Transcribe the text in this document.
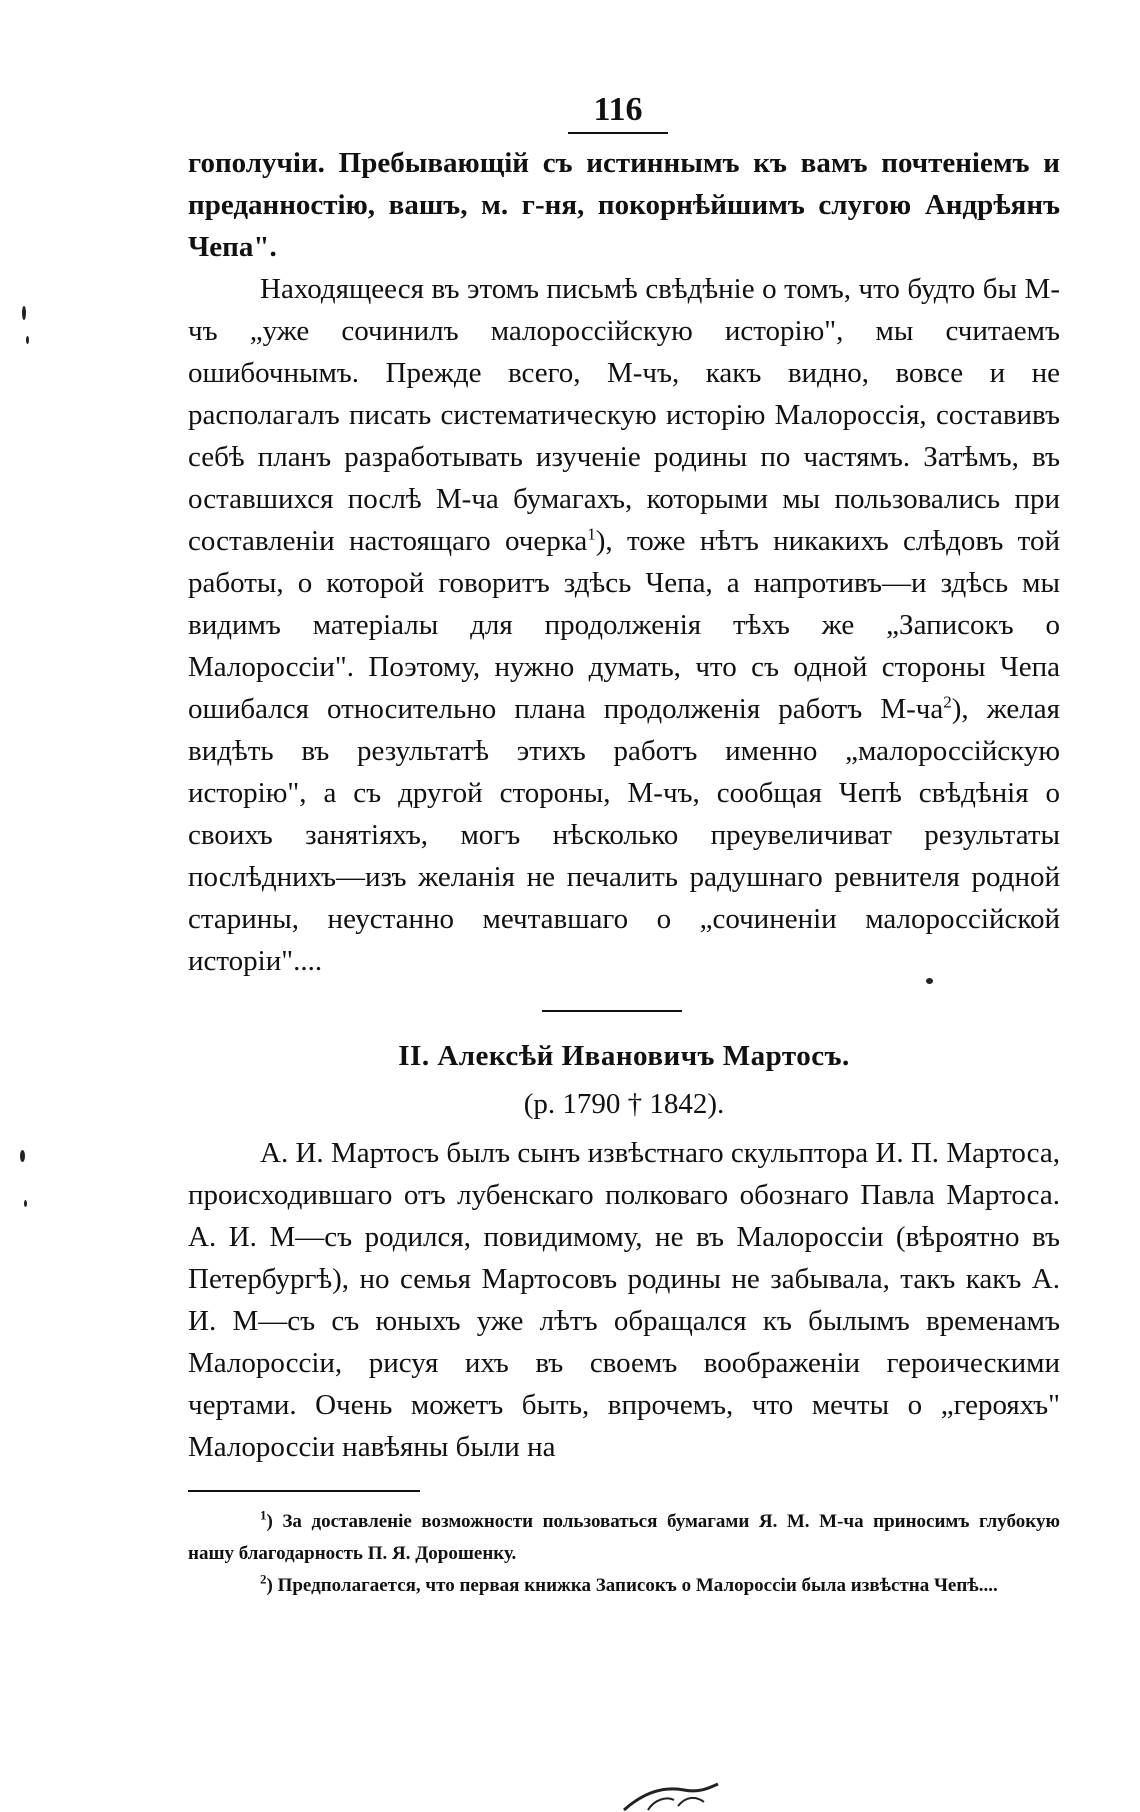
116

гополучіи. Пребывающій съ истиннымъ къ вамъ почтеніемъ и преданностію, вашъ, м. г-ня, покорнѣйшимъ слугою Андрѣянъ Чепа".

Находящееся въ этомъ письмѣ свѣдѣніе о томъ, что будто бы М-чъ „уже сочинилъ малороссійскую исторію", мы считаемъ ошибочнымъ. Прежде всего, М-чъ, какъ видно, вовсе и не располагалъ писать систематическую исторію Малороссія, составивъ себѣ планъ разработывать изученіе родины по частямъ. Затѣмъ, въ оставшихся послѣ М-ча бумагахъ, которыми мы пользовались при составленіи настоящаго очерка$^1$), тоже нѣтъ никакихъ слѣдовъ той работы, о которой говоритъ здѣсь Чепа, а напротивъ—и здѣсь мы видимъ матеріалы для продолженія тѣхъ же „Записокъ о Малороссіи". Поэтому, нужно думать, что съ одной стороны Чепа ошибался относительно плана продолженія работъ $М-ча^2$), желая видѣть въ результатѣ этихъ работъ именно „малороссійскую исторію", а съ другой стороны, М-чъ, сообщая Чепѣ свѣдѣнія о своихъ занятіяхъ, могъ нѣсколько преувеличиват результаты послѣднихъ—изъ желанія не печалить радушнаго ревнителя родной старины, неустанно мечтавшаго о „сочиненіи малороссійской исторіи"....

II. Алексѣй Ивановичъ Мартосъ.
(р. 1790 † 1842).

А. И. Мартосъ былъ сынъ извѣстнаго скульптора И. П. Мартоса, происходившаго отъ лубенскаго полковаго обознаго Павла Мартоса. А. И. М—съ родился, повидимому, не въ Малороссіи (вѣроятно въ Петербургѣ), но семья Мартосовъ родины не забывала, такъ какъ А. И. М—съ съ юныхъ уже лѣтъ обращался къ былымъ временамъ Малороссіи, рисуя ихъ въ своемъ воображеніи героическими чертами. Очень можетъ быть, впрочемъ, что мечты о „герояхъ" Малороссіи навѣяны были на

$^1$) За доставленіе возможности пользоваться бумагами Я. М. М-ча приносимъ глубокую нашу благодарность П. Я. Дорошенку.

$^2$) Предполагается, что первая книжка Записокъ о Малороссіи была извѣстна Чепѣ....
